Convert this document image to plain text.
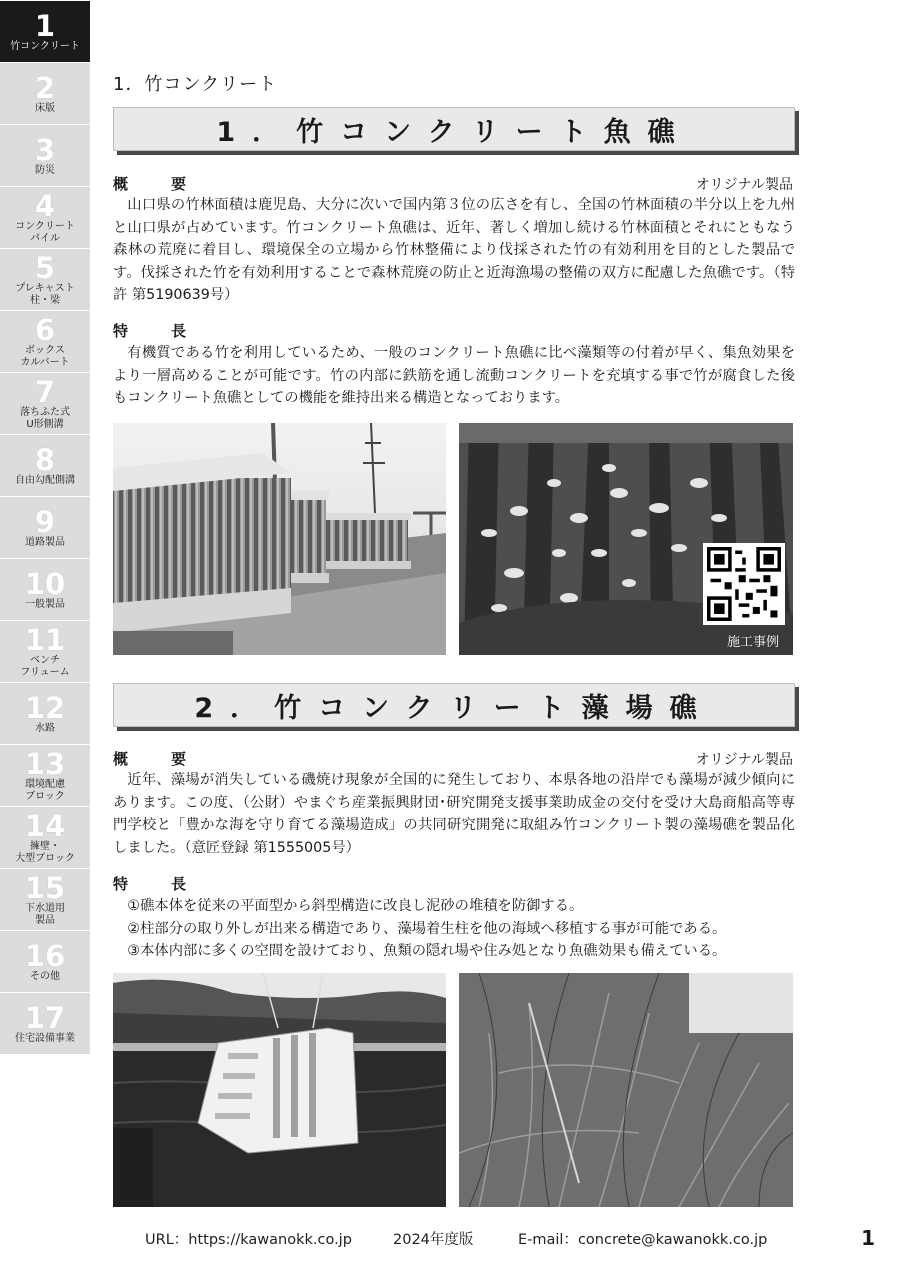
1．竹コンクリート
1．竹コンクリート魚礁
概　要	オリジナル製品

山口県の竹林面積は鹿児島、大分に次いで国内第３位の広さを有し、全国の竹林面積の半分以上を九州と山口県が占めています。竹コンクリート魚礁は、近年、著しく増加し続ける竹林面積とそれにともなう森林の荒廃に着目し、環境保全の立場から竹林整備により伐採された竹の有効利用を目的とした製品です。伐採された竹を有効利用することで森林荒廃の防止と近海漁場の整備の双方に配慮した魚礁です。（特許 第5190639号）

特　長

有機質である竹を利用しているため、一般のコンクリート魚礁に比べ藻類等の付着が早く、集魚効果をより一層高めることが可能です。竹の内部に鉄筋を通し流動コンクリートを充填する事で竹が腐食した後もコンクリート魚礁としての機能を維持出来る構造となっております。

施工事例
2．竹コンクリート藻場礁
概　要	オリジナル製品

近年、藻場が消失している磯焼け現象が全国的に発生しており、本県各地の沿岸でも藻場が減少傾向にあります。この度、（公財）やまぐち産業振興財団･研究開発支援事業助成金の交付を受け大島商船高等専門学校と「豊かな海を守り育てる藻場造成」の共同研究開発に取組み竹コンクリート製の藻場礁を製品化しました。（意匠登録 第1555005号）

特　長

①礁本体を従来の平面型から斜型構造に改良し泥砂の堆積を防御する。

②柱部分の取り外しが出来る構造であり、藻場着生柱を他の海域へ移植する事が可能である。

③本体内部に多くの空間を設けており、魚類の隠れ場や住み処となり魚礁効果も備えている。

URL：https://kawanokk.co.jp	2024年度版	E-mail：concrete@kawanokk.co.jp	1
1
竹コンクリート
2
床版
3
防災
4
コンクリート
パイル
5
プレキャスト
柱・梁
6
ボックス
カルバート
7
落ちふた式
U形側溝
8
自由勾配側溝
9
道路製品
10
一般製品
11
ベンチ
フリューム
12
水路
13
環境配慮
ブロック
14
擁壁・
大型ブロック
15
下水道用
製品
16
その他
17
住宅設備事業
